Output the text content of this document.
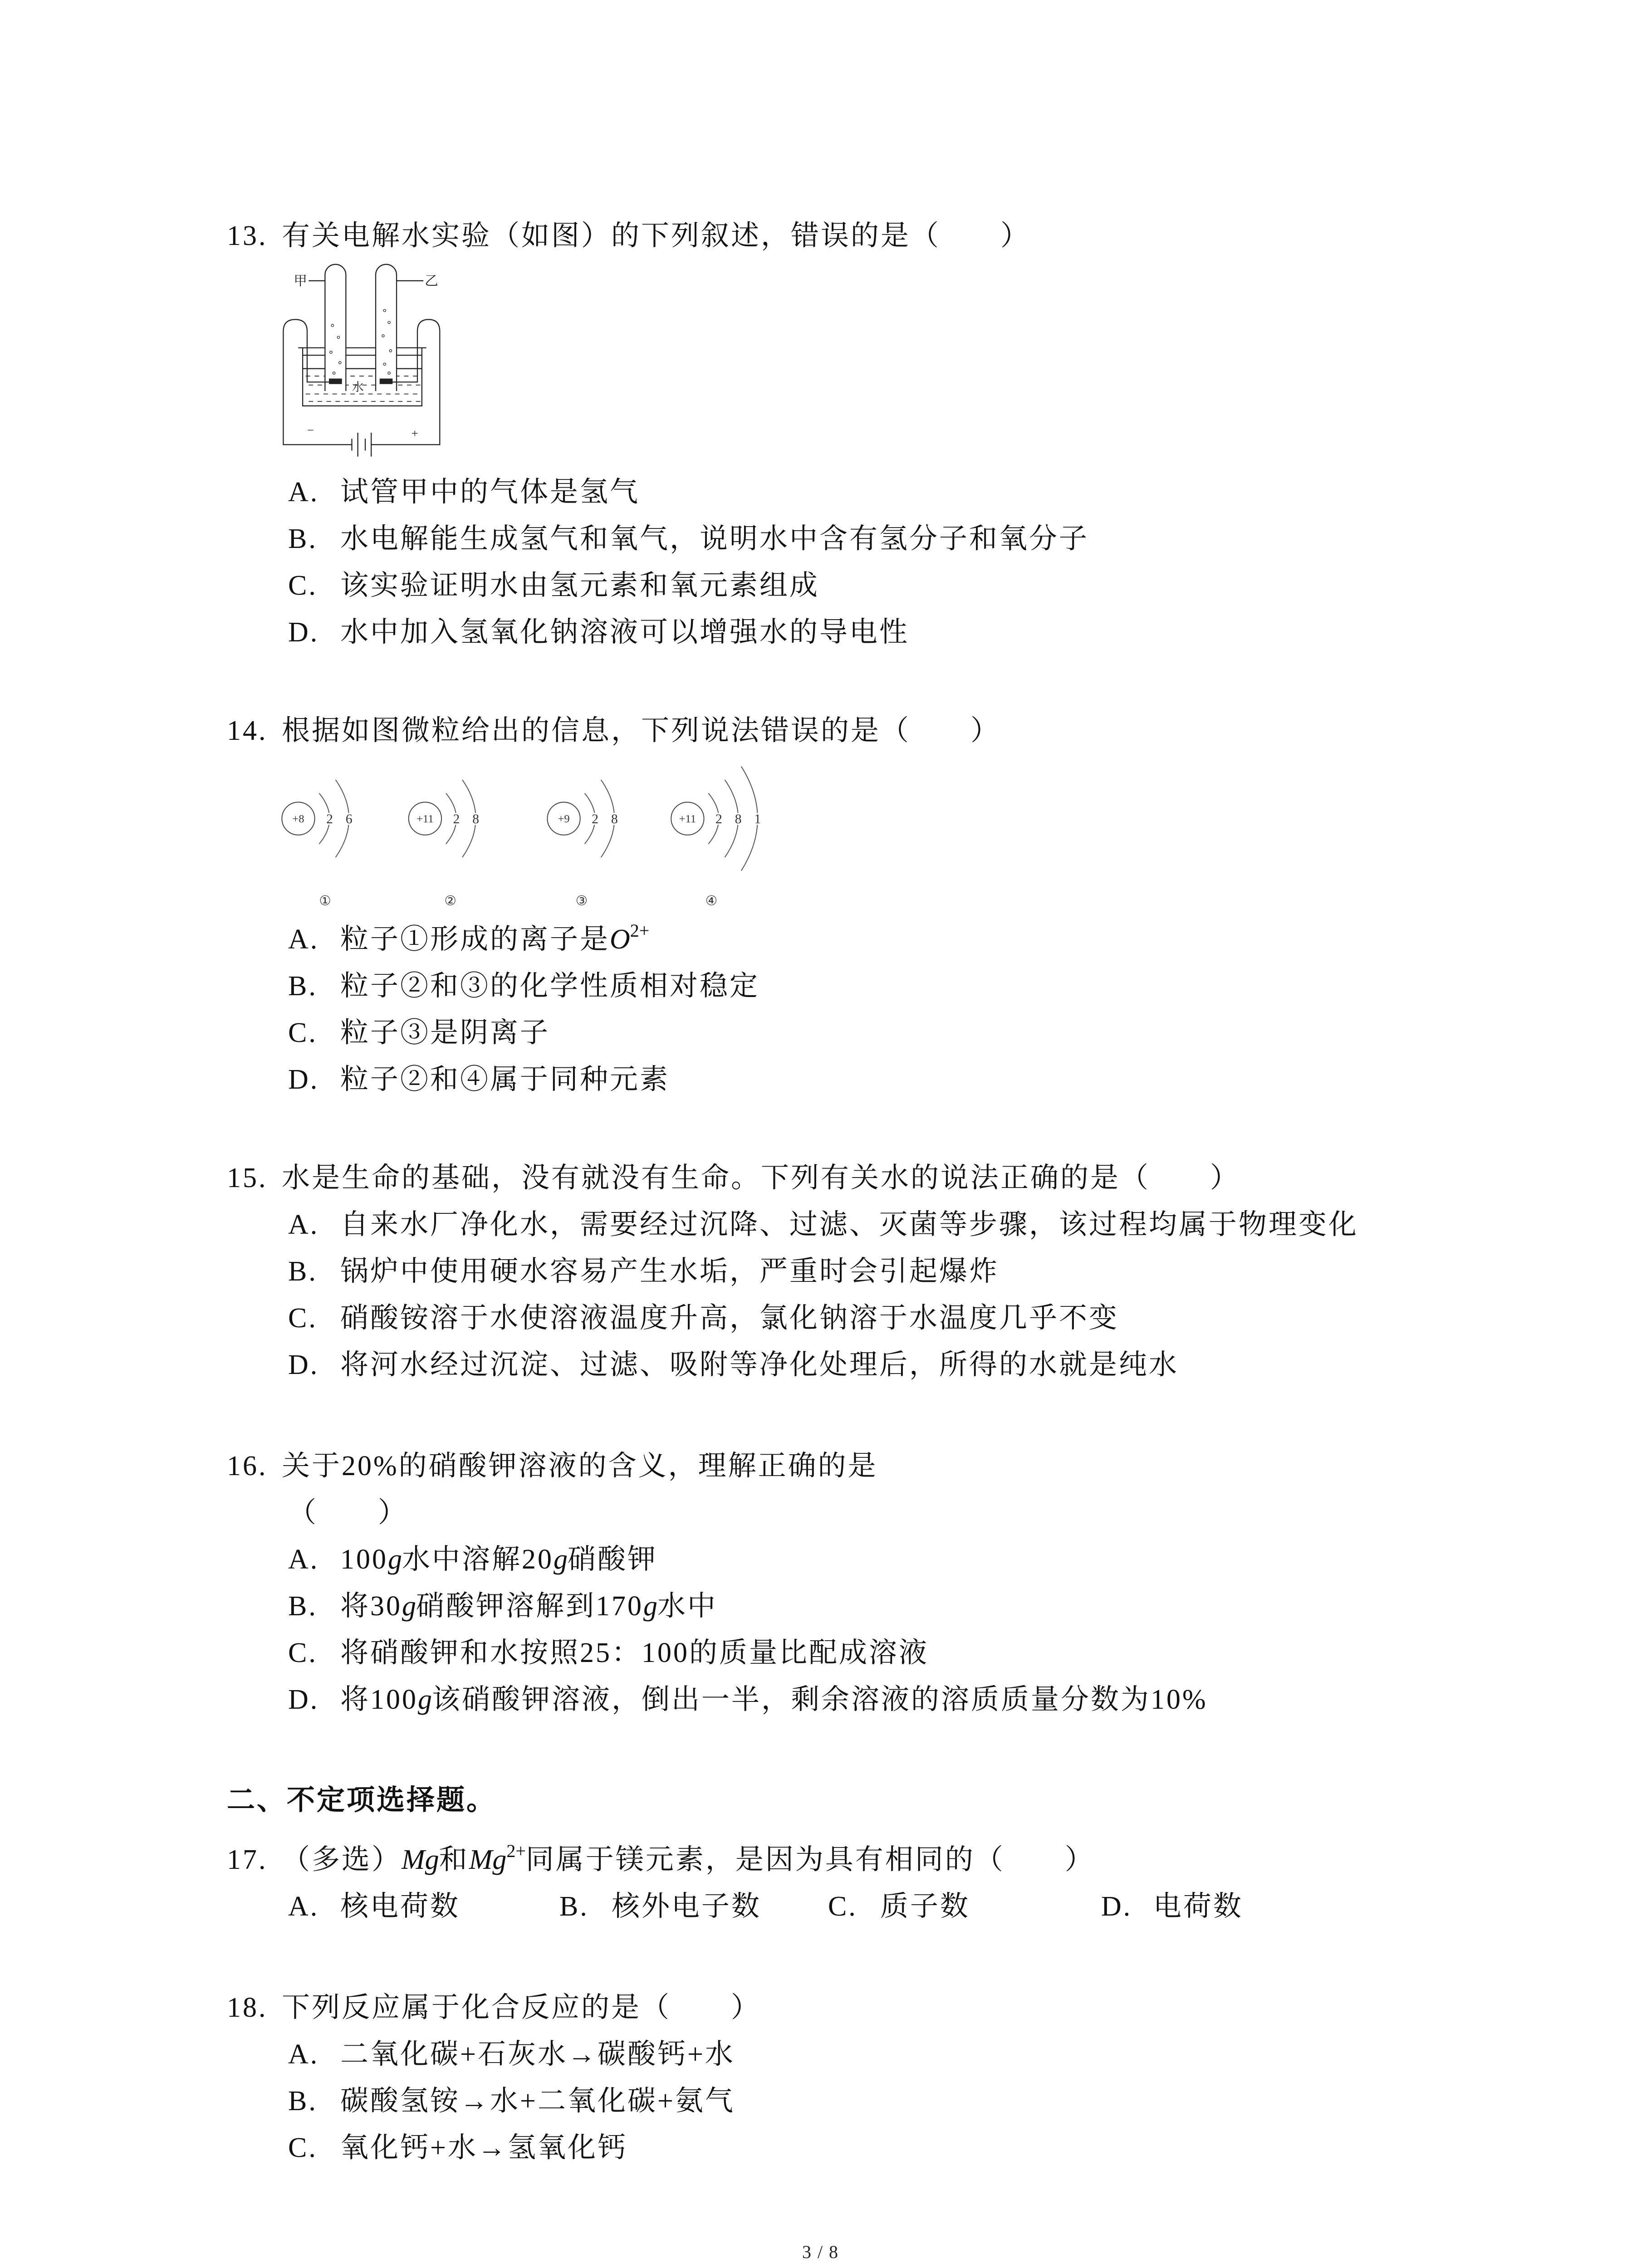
13. 有关电解水实验（如图）的下列叙述，错误的是（　　）
甲	乙
水
−	+
A. 试管甲中的气体是氢气
B. 水电解能生成氢气和氧气，说明水中含有氢分子和氧分子
C. 该实验证明水由氢元素和氧元素组成
D. 水中加入氢氧化钠溶液可以增强水的导电性
14. 根据如图微粒给出的信息，下列说法错误的是（　　）
+8	2	6
①
+11	2	8
②
+9	2	8
③
+11	2	8	1
④
A. 粒子①形成的离子是$O^{2+}$
B. 粒子②和③的化学性质相对稳定
C. 粒子③是阴离子
D. 粒子②和④属于同种元素
15. 水是生命的基础，没有就没有生命。下列有关水的说法正确的是（　　）
A. 自来水厂净化水，需要经过沉降、过滤、灭菌等步骤，该过程均属于物理变化
B. 锅炉中使用硬水容易产生水垢，严重时会引起爆炸
C. 硝酸铵溶于水使溶液温度升高，氯化钠溶于水温度几乎不变
D. 将河水经过沉淀、过滤、吸附等净化处理后，所得的水就是纯水
16. 关于20%的硝酸钾溶液的含义，理解正确的是
（　　）
A. 100g水中溶解20g硝酸钾
B. 将30g硝酸钾溶解到170g水中
C. 将硝酸钾和水按照25：100的质量比配成溶液
D. 将100g该硝酸钾溶液，倒出一半，剩余溶液的溶质质量分数为10%
二、不定项选择题。
17. （多选）Mg和$Mg^{2+}$同属于镁元素，是因为具有相同的（　　）
A. 核电荷数	B. 核外电子数 C. 质子数	D. 电荷数
18. 下列反应属于化合反应的是（　　）
A. 二氧化碳+石灰水→碳酸钙+水
B. 碳酸氢铵→水+二氧化碳+氨气
C. 氧化钙+水→氢氧化钙
3 / 8
